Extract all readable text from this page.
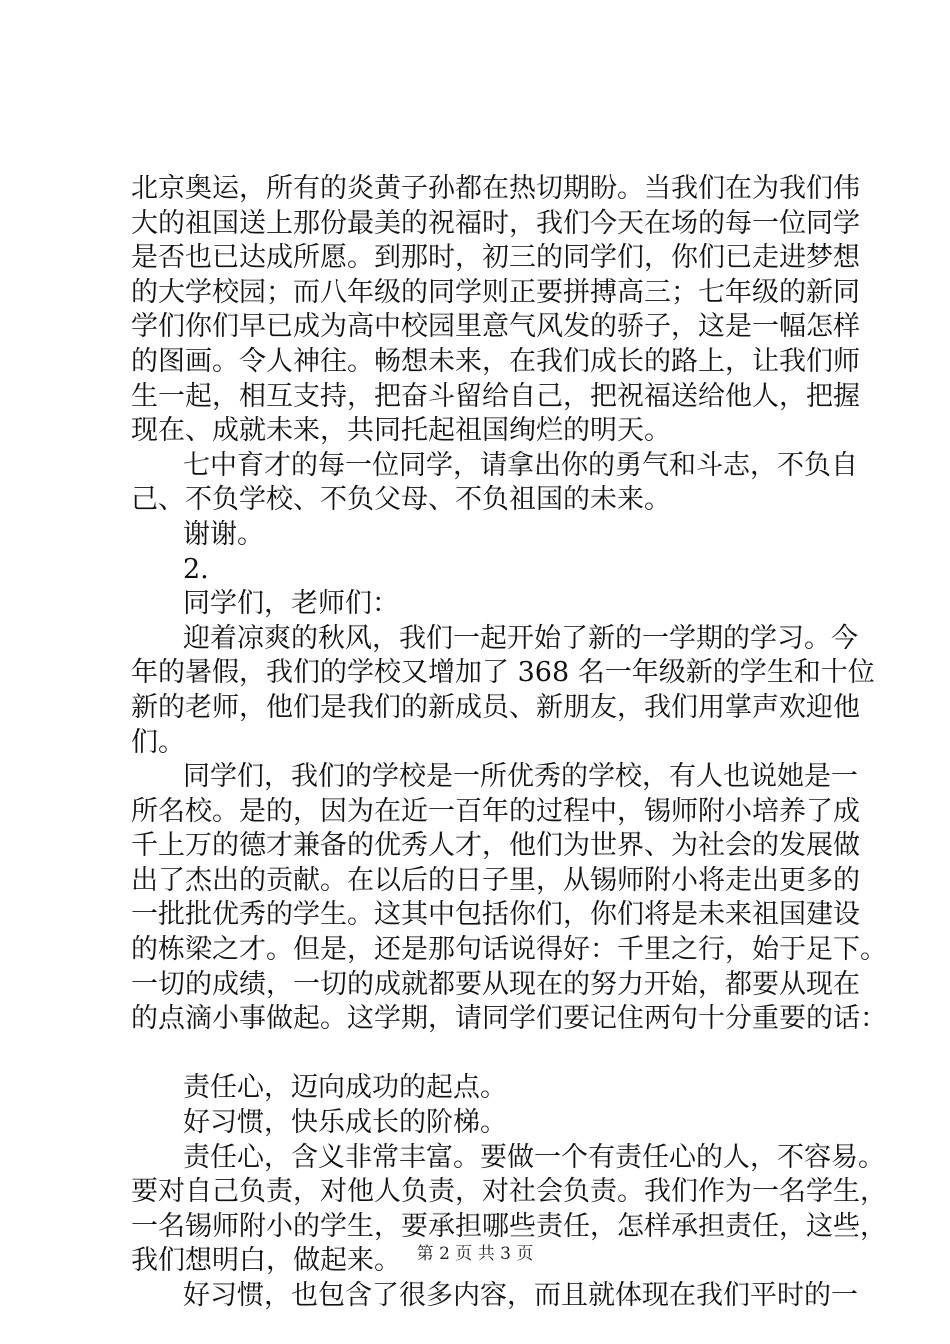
北京奥运，所有的炎黄子孙都在热切期盼。当我们在为我们伟
大的祖国送上那份最美的祝福时，我们今天在场的每一位同学
是否也已达成所愿。到那时，初三的同学们，你们已走进梦想
的大学校园；而八年级的同学则正要拼搏高三；七年级的新同
学们你们早已成为高中校园里意气风发的骄子，这是一幅怎样
的图画。令人神往。畅想未来，在我们成长的路上，让我们师
生一起，相互支持，把奋斗留给自己，把祝福送给他人，把握
现在、成就未来，共同托起祖国绚烂的明天。
七中育才的每一位同学，请拿出你的勇气和斗志，不负自
己、不负学校、不负父母、不负祖国的未来。
谢谢。
2.
同学们，老师们：
迎着凉爽的秋风，我们一起开始了新的一学期的学习。今
年的暑假，我们的学校又增加了 368 名一年级新的学生和十位
新的老师，他们是我们的新成员、新朋友，我们用掌声欢迎他
们。
同学们，我们的学校是一所优秀的学校，有人也说她是一
所名校。是的，因为在近一百年的过程中，锡师附小培养了成
千上万的德才兼备的优秀人才，他们为世界、为社会的发展做
出了杰出的贡献。在以后的日子里，从锡师附小将走出更多的
一批批优秀的学生。这其中包括你们，你们将是未来祖国建设
的栋梁之才。但是，还是那句话说得好：千里之行，始于足下。
一切的成绩，一切的成就都要从现在的努力开始，都要从现在
的点滴小事做起。这学期，请同学们要记住两句十分重要的话：
责任心，迈向成功的起点。
好习惯，快乐成长的阶梯。
责任心，含义非常丰富。要做一个有责任心的人，不容易。
要对自己负责，对他人负责，对社会负责。我们作为一名学生，
一名锡师附小的学生，要承担哪些责任，怎样承担责任，这些，
我们想明白，做起来。
好习惯，也包含了很多内容，而且就体现在我们平时的一
第 2 页 共 3 页
